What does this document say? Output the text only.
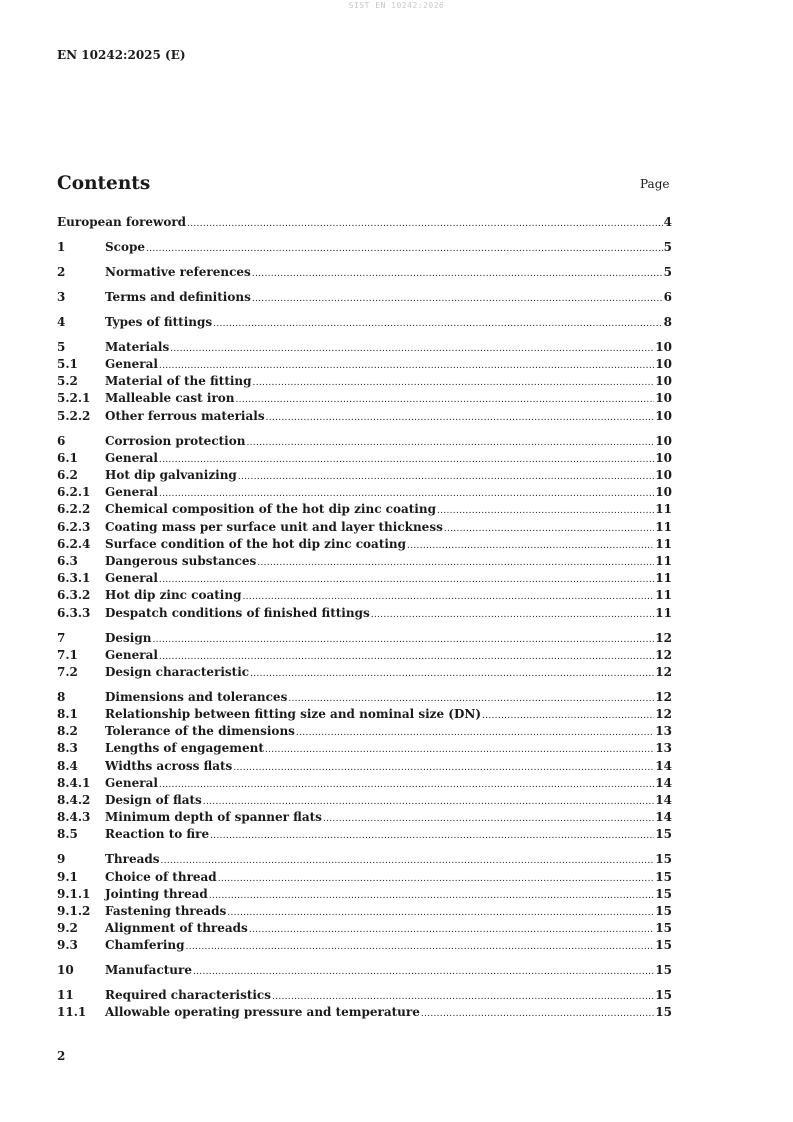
SIST EN 10242:2026
EN 10242:2025 (E)
Contents	Page
European foreword .....	4
1	Scope .....	5
2	Normative references .....	5
3	Terms and definitions .....	6
4	Types of fittings .....	8
5	Materials .....	10
5.1	General .....	10
5.2	Material of the fitting .....	10
5.2.1	Malleable cast iron .....	10
5.2.2	Other ferrous materials .....	10
6	Corrosion protection .....	10
6.1	General .....	10
6.2	Hot dip galvanizing .....	10
6.2.1	General .....	10
6.2.2	Chemical composition of the hot dip zinc coating .....	11
6.2.3	Coating mass per surface unit and layer thickness .....	11
6.2.4	Surface condition of the hot dip zinc coating .....	11
6.3	Dangerous substances .....	11
6.3.1	General .....	11
6.3.2	Hot dip zinc coating .....	11
6.3.3	Despatch conditions of finished fittings .....	11
7	Design .....	12
7.1	General .....	12
7.2	Design characteristic .....	12
8	Dimensions and tolerances .....	12
8.1	Relationship between fitting size and nominal size (DN) .....	12
8.2	Tolerance of the dimensions .....	13
8.3	Lengths of engagement .....	13
8.4	Widths across flats .....	14
8.4.1	General .....	14
8.4.2	Design of flats .....	14
8.4.3	Minimum depth of spanner flats .....	14
8.5	Reaction to fire .....	15
9	Threads .....	15
9.1	Choice of thread .....	15
9.1.1	Jointing thread .....	15
9.1.2	Fastening threads .....	15
9.2	Alignment of threads .....	15
9.3	Chamfering .....	15
10	Manufacture .....	15
11	Required characteristics .....	15
11.1	Allowable operating pressure and temperature .....	15
2
